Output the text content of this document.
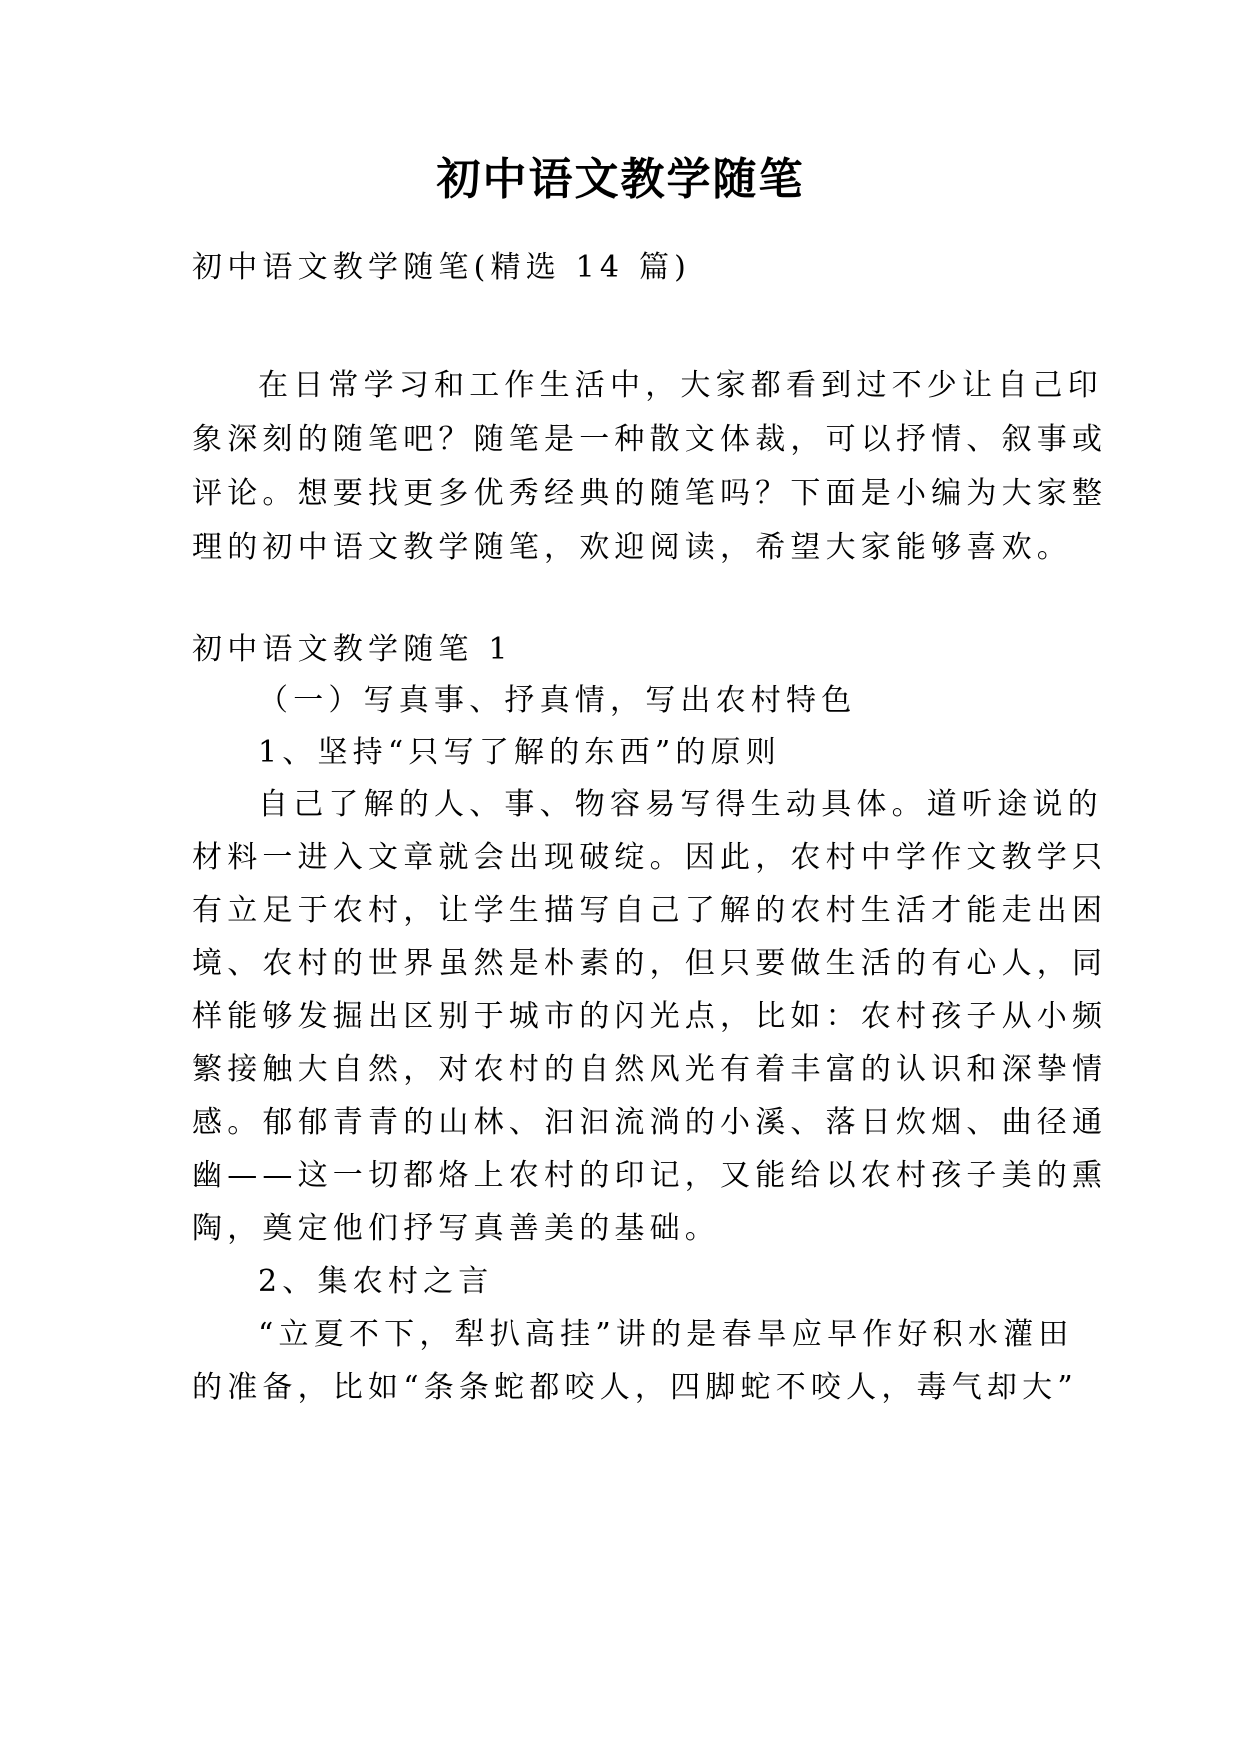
初中语文教学随笔
初中语文教学随笔(精选 14 篇)
在日常学习和工作生活中，大家都看到过不少让自己印
象深刻的随笔吧？随笔是一种散文体裁，可以抒情、叙事或
评论。想要找更多优秀经典的随笔吗？下面是小编为大家整
理的初中语文教学随笔，欢迎阅读，希望大家能够喜欢。
初中语文教学随笔 1
（一）写真事、抒真情，写出农村特色
1、坚持“只写了解的东西”的原则
自己了解的人、事、物容易写得生动具体。道听途说的
材料一进入文章就会出现破绽。因此，农村中学作文教学只
有立足于农村，让学生描写自己了解的农村生活才能走出困
境、农村的世界虽然是朴素的，但只要做生活的有心人，同
样能够发掘出区别于城市的闪光点，比如：农村孩子从小频
繁接触大自然，对农村的自然风光有着丰富的认识和深挚情
感。郁郁青青的山林、汩汩流淌的小溪、落日炊烟、曲径通
幽——这一切都烙上农村的印记，又能给以农村孩子美的熏
陶，奠定他们抒写真善美的基础。
2、集农村之言
“立夏不下，犁扒高挂”讲的是春旱应早作好积水灌田
的准备，比如“条条蛇都咬人，四脚蛇不咬人，毒气却大”
